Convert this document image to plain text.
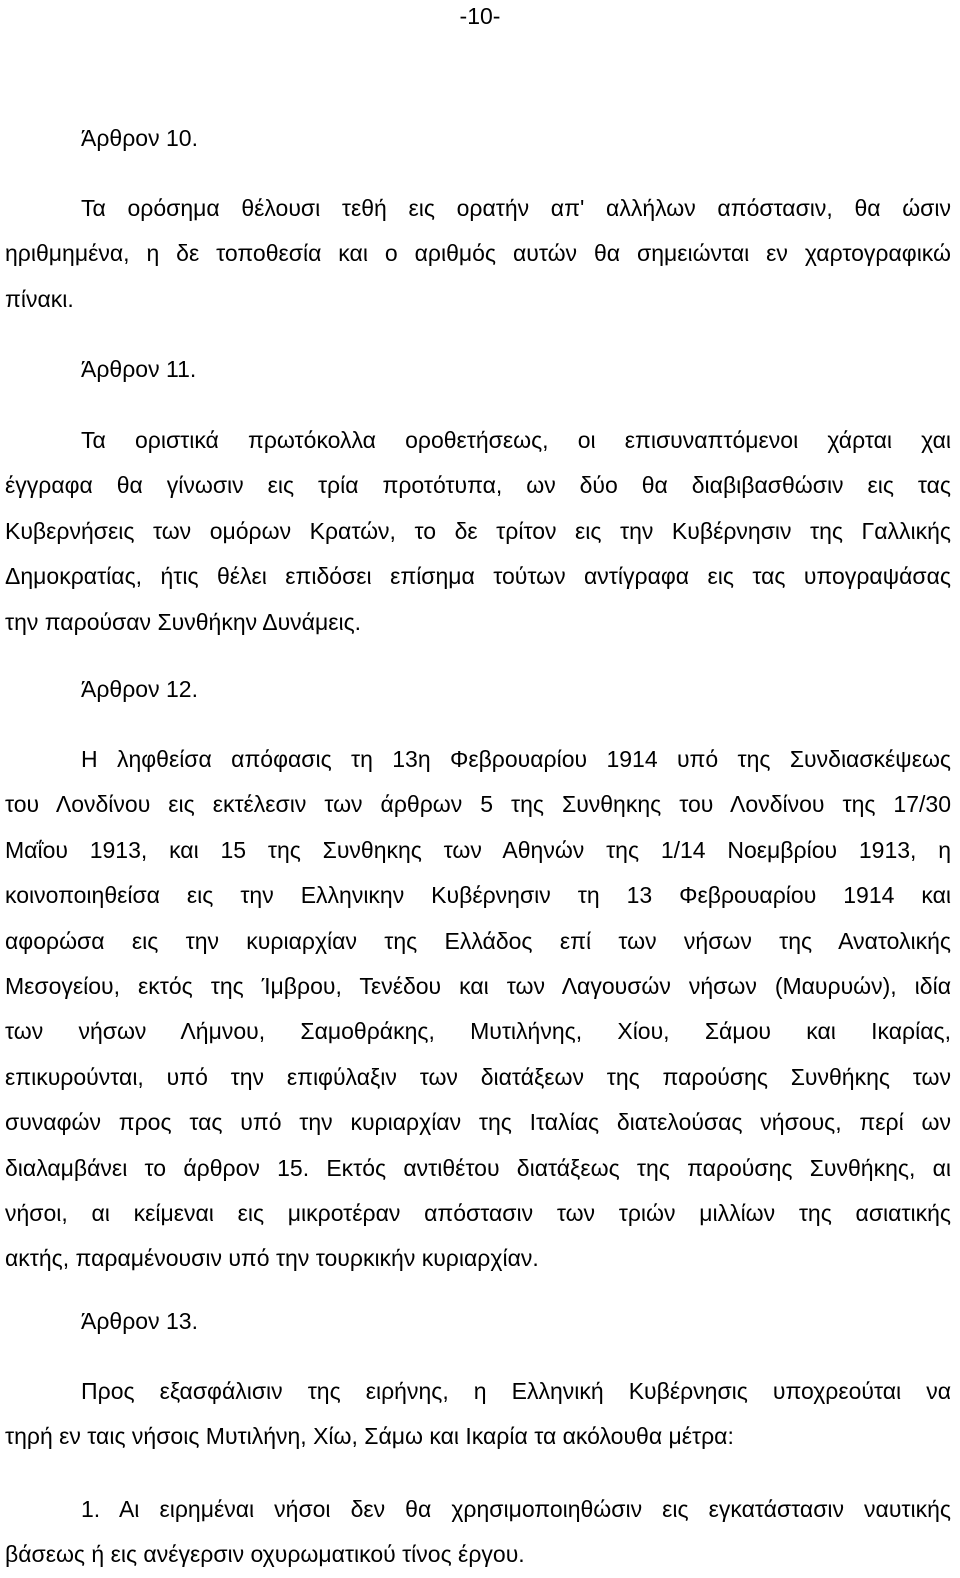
-10-
Άρθρον 10.
Τα ορόσημα θέλουσι τεθή εις ορατήν απ' αλλήλων απόστασιν, θα ώσιν
ηριθμημένα, η δε τοποθεσία και ο αριθμός αυτών θα σημειώνται εν χαρτογραφικώ
πίνακι.
Άρθρον 11.
Τα οριστικά πρωτόκολλα οροθετήσεως, οι επισυναπτόμενοι χάρται χαι
έγγραφα θα γίνωσιν εις τρία προτότυπα, ων δύο θα διαβιβασθώσιν εις τας
Κυβερνήσεις των ομόρων Κρατών, το δε τρίτον εις την Κυβέρνησιν της Γαλλικής
Δημοκρατίας, ήτις θέλει επιδόσει επίσημα τούτων αντίγραφα εις τας υπογραψάσας
την παρούσαν Συνθήκην Δυνάμεις.
Άρθρον 12.
Η ληφθείσα απόφασις τη 13η Φεβρουαρίου 1914 υπό της Συνδιασκέψεως
του Λονδίνου εις εκτέλεσιν των άρθρων 5 της Συνθηκης του Λονδίνου της 17/30
Μαΐου 1913, και 15 της Συνθηκης των Αθηνών της 1/14 Νοεμβρίου 1913, η
κοινοποιηθείσα εις την Ελληνικην Κυβέρνησιν τη 13 Φεβρουαρίου 1914 και
αφορώσα εις την κυριαρχίαν της Ελλάδος επί των νήσων της Ανατολικής
Μεσογείου, εκτός της Ίμβρου, Τενέδου και των Λαγουσών νήσων (Μαυρυών), ιδία
των νήσων Λήμνου, Σαμοθράκης, Μυτιλήνης, Χίου, Σάμου και Ικαρίας,
επικυρούνται, υπό την επιφύλαξιν των διατάξεων της παρούσης Συνθήκης των
συναφών προς τας υπό την κυριαρχίαν της Ιταλίας διατελούσας νήσους, περί ων
διαλαμβάνει το άρθρον 15. Εκτός αντιθέτου διατάξεως της παρούσης Συνθήκης, αι
νήσοι, αι κείμεναι εις μικροτέραν απόστασιν των τριών μιλλίων της ασιατικής
ακτής, παραμένουσιν υπό την τουρκικήν κυριαρχίαν.
Άρθρον 13.
Προς εξασφάλισιν της ειρήνης, η Ελληνική Κυβέρνησις υποχρεούται να
τηρή εν ταις νήσοις Μυτιλήνη, Χίω, Σάμω και Ικαρία τα ακόλουθα μέτρα:
1. Αι ειρημέναι νήσοι δεν θα χρησιμοποιηθώσιν εις εγκατάστασιν ναυτικής
βάσεως ή εις ανέγερσιν οχυρωματικού τίνος έργου.
